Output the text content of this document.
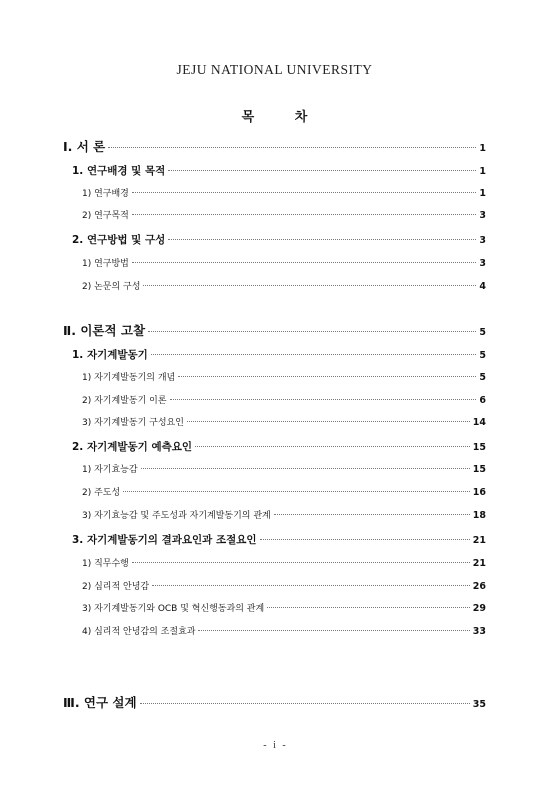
JEJU NATIONAL UNIVERSITY
목 차
Ⅰ. 서 론	1
1. 연구배경 및 목적	1
1) 연구배경	1
2) 연구목적	3
2. 연구방법 및 구성	3
1) 연구방법	3
2) 논문의 구성	4
Ⅱ. 이론적 고찰	5
1. 자기계발동기	5
1) 자기계발동기의 개념	5
2) 자기계발동기 이론	6
3) 자기계발동기 구성요인	14
2. 자기계발동기 예측요인	15
1) 자기효능감	15
2) 주도성	16
3) 자기효능감 및 주도성과 자기계발동기의 관계	18
3. 자기계발동기의 결과요인과 조절요인	21
1) 직무수행	21
2) 심리적 안녕감	26
3) 자기계발동기와 OCB 및 혁신행동과의 관계	29
4) 심리적 안녕감의 조절효과	33
Ⅲ. 연구 설계	35
- i -
